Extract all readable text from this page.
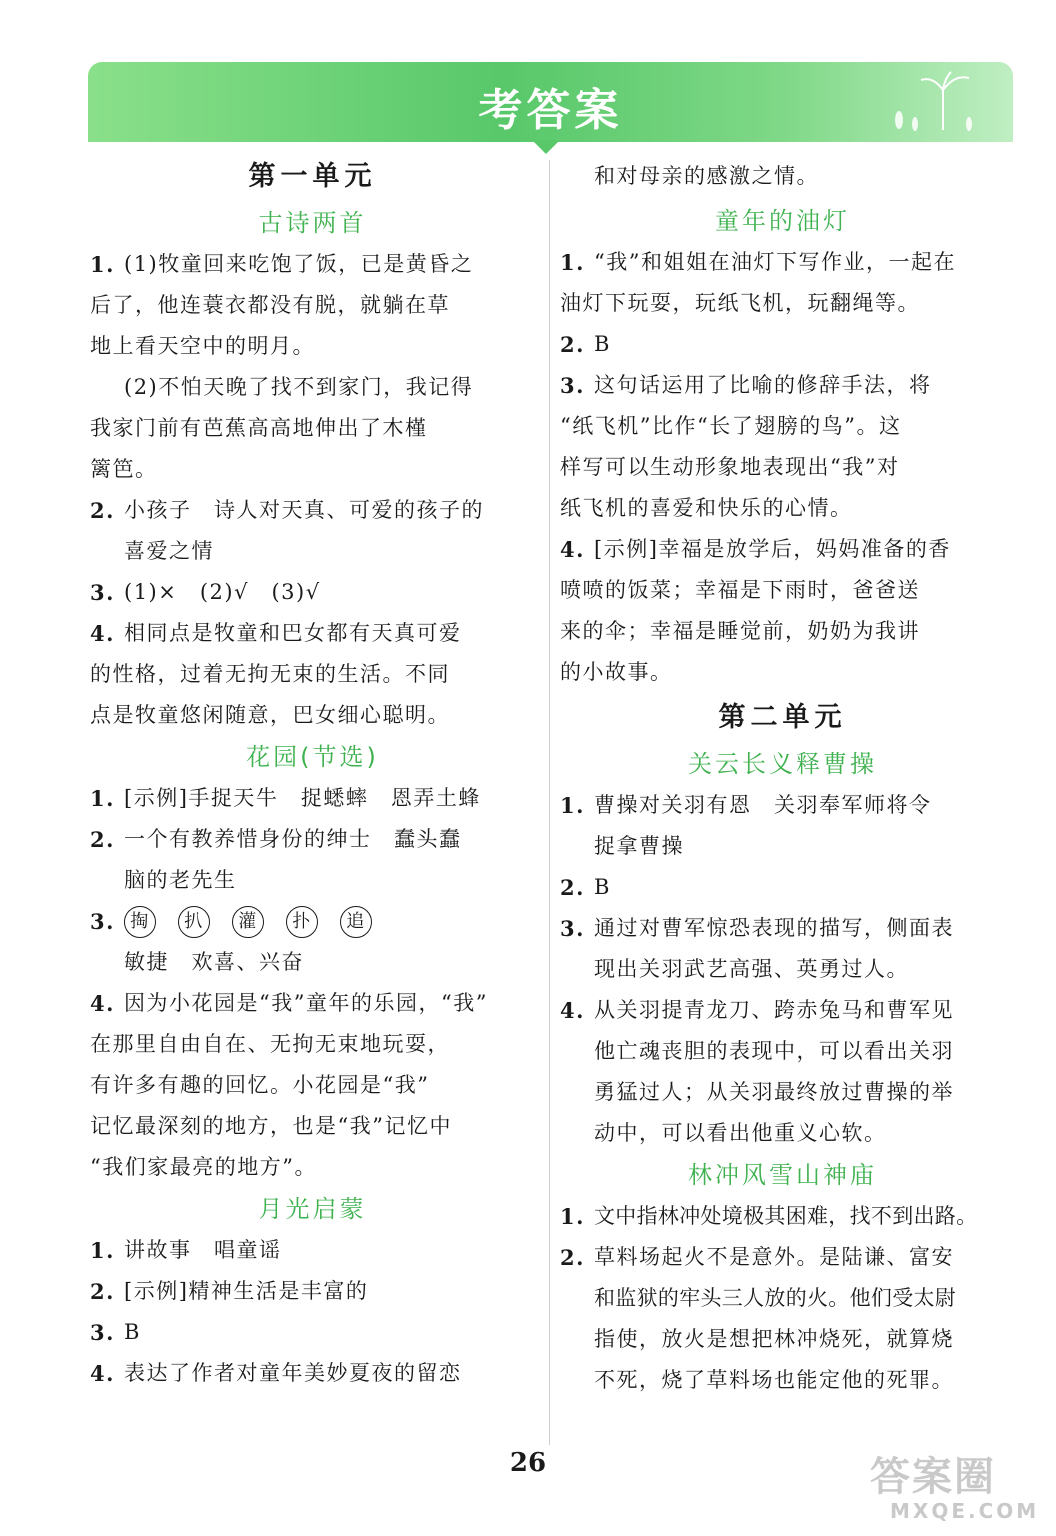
考答案
第一单元
古诗两首
1. (1)牧童回来吃饱了饭，已是黄昏之
后了，他连蓑衣都没有脱，就躺在草
地上看天空中的明月。
(2)不怕天晚了找不到家门，我记得
我家门前有芭蕉高高地伸出了木槿
篱笆。
2. 小孩子　诗人对天真、可爱的孩子的
喜爱之情
3. (1)×　(2)√　(3)√
4. 相同点是牧童和巴女都有天真可爱
的性格，过着无拘无束的生活。不同
点是牧童悠闲随意，巴女细心聪明。
花园(节选)
1. [示例]手捉天牛　捉蟋蟀　恩弄土蜂
2. 一个有教养惜身份的绅士　蠢头蠢
脑的老先生
3. 掏	扒	灌	扑	追
敏捷　欢喜、兴奋
4. 因为小花园是“我”童年的乐园，“我”
在那里自由自在、无拘无束地玩耍，
有许多有趣的回忆。小花园是“我”
记忆最深刻的地方，也是“我”记忆中
“我们家最亮的地方”。
月光启蒙
1. 讲故事　唱童谣
2. [示例]精神生活是丰富的
3. B
4. 表达了作者对童年美妙夏夜的留恋
和对母亲的感激之情。
童年的油灯
1. “我”和姐姐在油灯下写作业，一起在
油灯下玩耍，玩纸飞机，玩翻绳等。
2. B
3. 这句话运用了比喻的修辞手法，将
“纸飞机”比作“长了翅膀的鸟”。这
样写可以生动形象地表现出“我”对
纸飞机的喜爱和快乐的心情。
4. [示例]幸福是放学后，妈妈准备的香
喷喷的饭菜；幸福是下雨时，爸爸送
来的伞；幸福是睡觉前，奶奶为我讲
的小故事。
第二单元
关云长义释曹操
1. 曹操对关羽有恩　关羽奉军师将令
捉拿曹操
2. B
3. 通过对曹军惊恐表现的描写，侧面表
现出关羽武艺高强、英勇过人。
4. 从关羽提青龙刀、跨赤兔马和曹军见
他亡魂丧胆的表现中，可以看出关羽
勇猛过人；从关羽最终放过曹操的举
动中，可以看出他重义心软。
林冲风雪山神庙
1. 文中指林冲处境极其困难，找不到出路。
2. 草料场起火不是意外。是陆谦、富安
和监狱的牢头三人放的火。他们受太尉
指使，放火是想把林冲烧死，就算烧
不死，烧了草料场也能定他的死罪。
26	答案圈
MXQE.COM
